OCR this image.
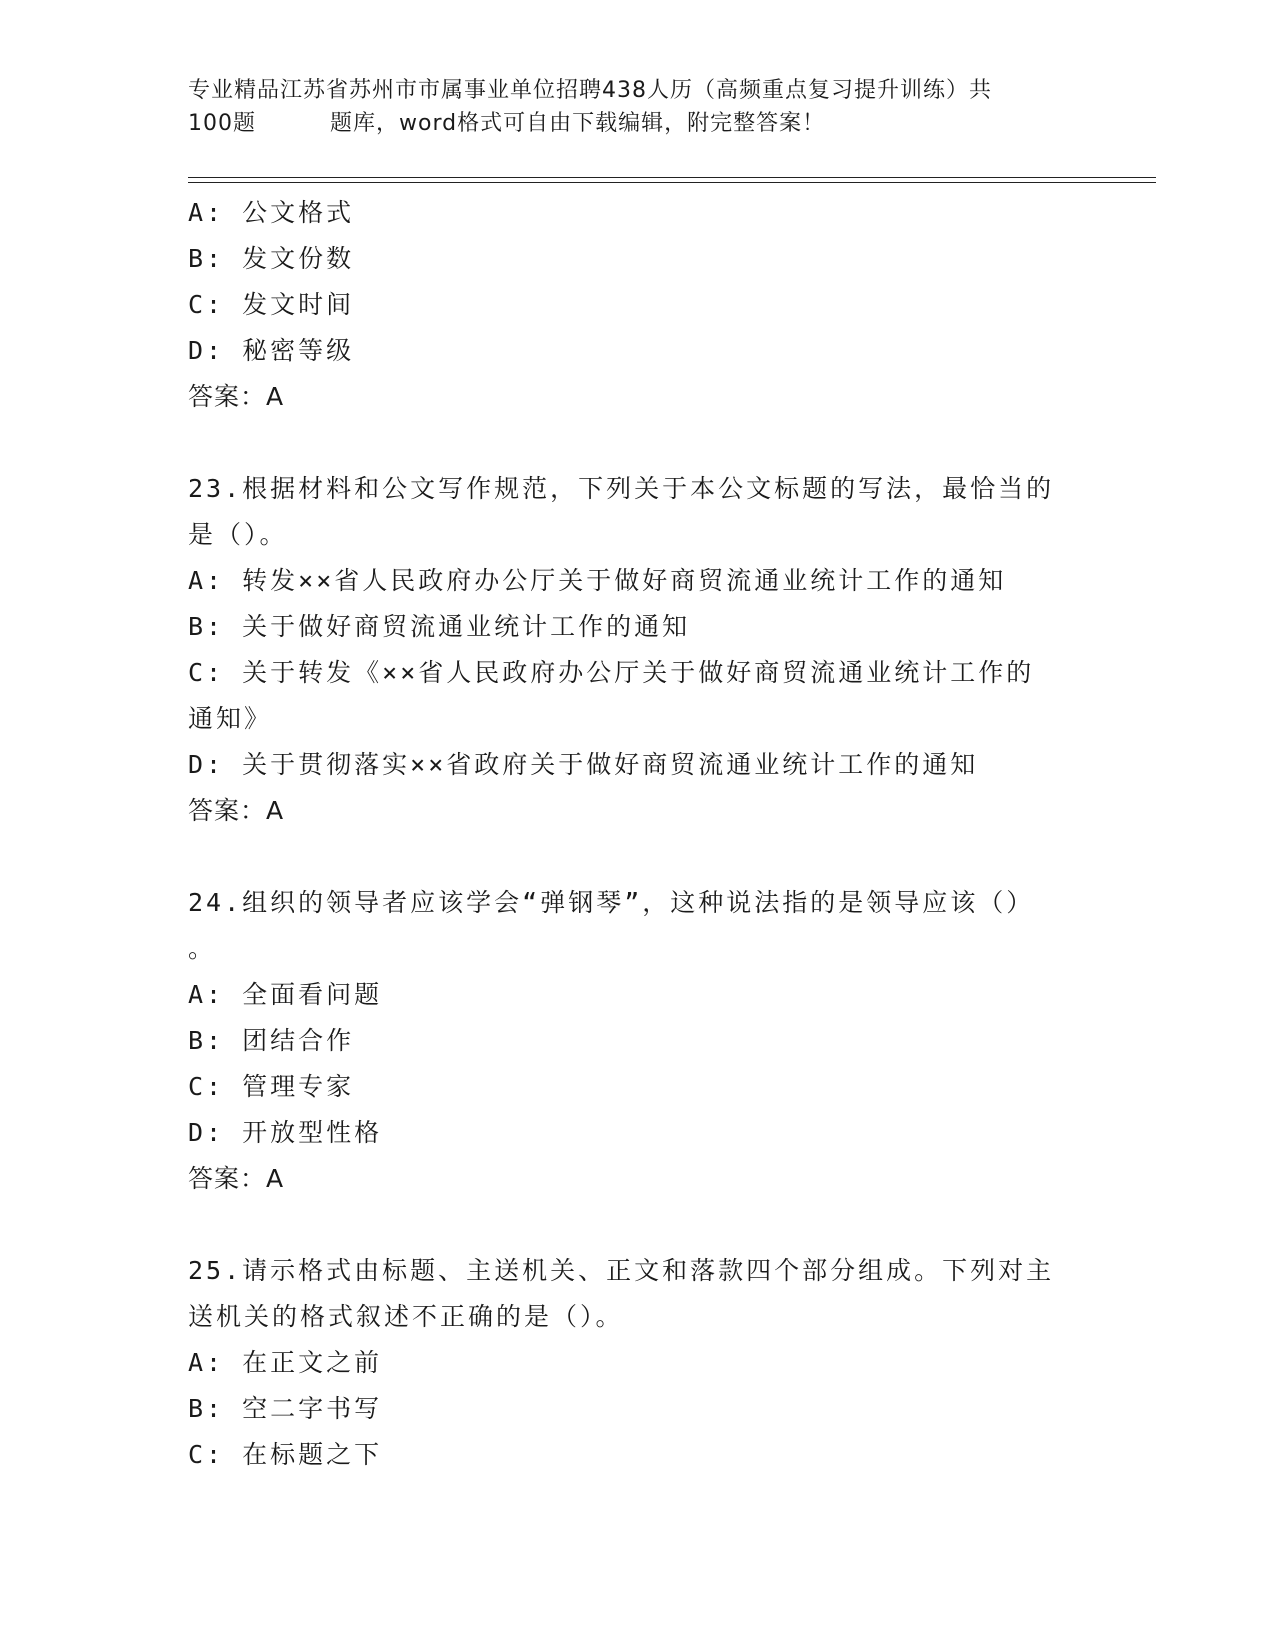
专业精品江苏省苏州市市属事业单位招聘438人历（高频重点复习提升训练）共
100题	题库，word格式可自由下载编辑，附完整答案！
A: 公文格式
B: 发文份数
C: 发文时间
D: 秘密等级
答案：A
23.根据材料和公文写作规范，下列关于本公文标题的写法，最恰当的
是（）。
A: 转发××省人民政府办公厅关于做好商贸流通业统计工作的通知
B: 关于做好商贸流通业统计工作的通知
C: 关于转发《××省人民政府办公厅关于做好商贸流通业统计工作的
通知》
D: 关于贯彻落实××省政府关于做好商贸流通业统计工作的通知
答案：A
24.组织的领导者应该学会“弹钢琴”，这种说法指的是领导应该（）
。
A: 全面看问题
B: 团结合作
C: 管理专家
D: 开放型性格
答案：A
25.请示格式由标题、主送机关、正文和落款四个部分组成。下列对主
送机关的格式叙述不正确的是（）。
A: 在正文之前
B: 空二字书写
C: 在标题之下
